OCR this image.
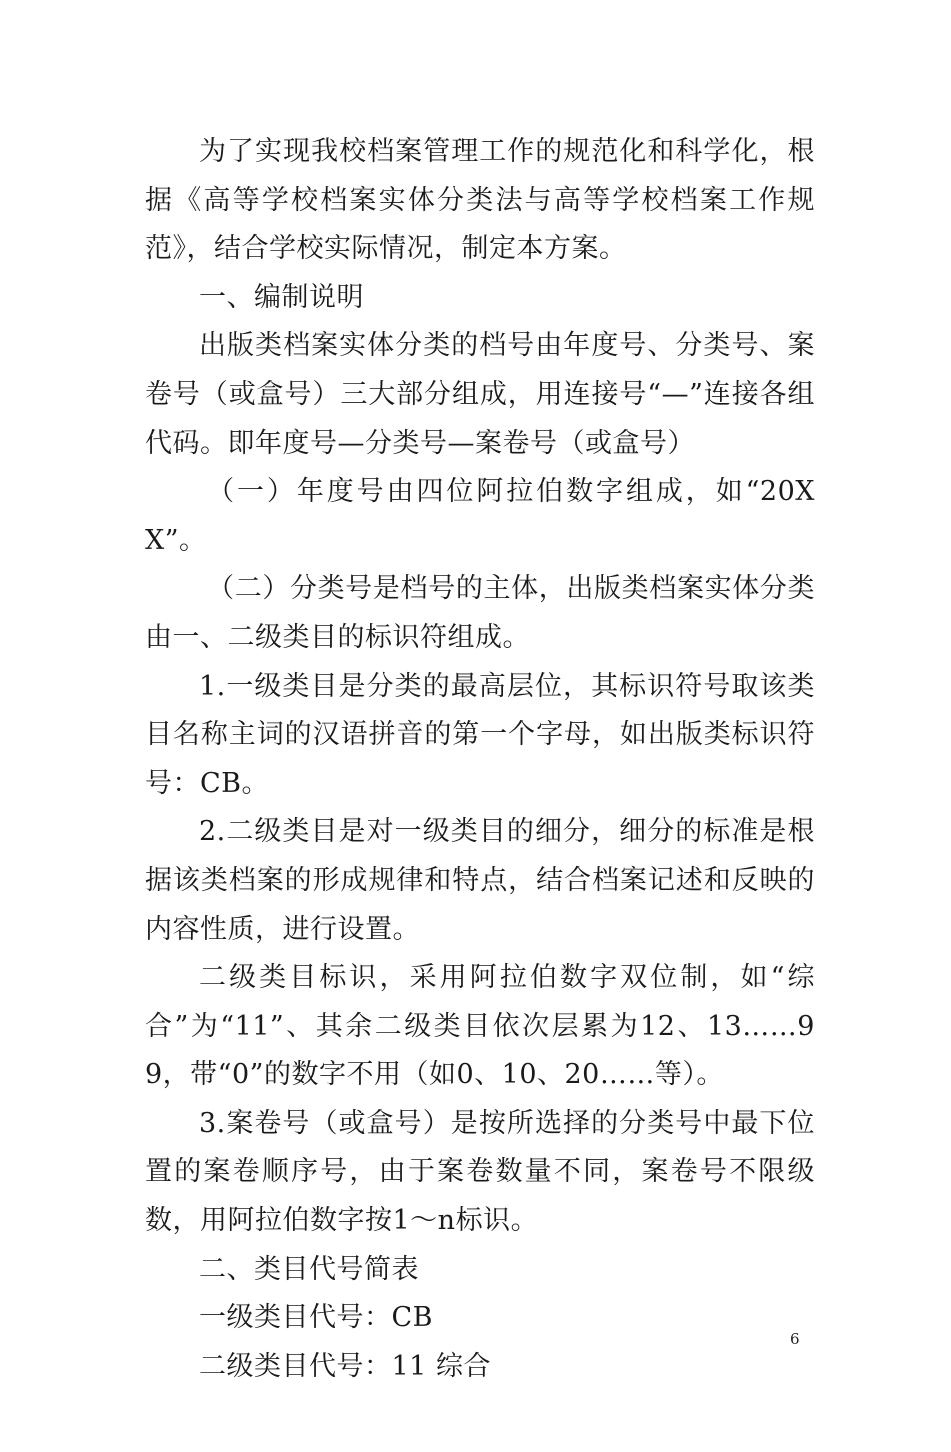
为了实现我校档案管理工作的规范化和科学化，根据《高等学校档案实体分类法与高等学校档案工作规范》，结合学校实际情况，制定本方案。

一、编制说明

出版类档案实体分类的档号由年度号、分类号、案卷号（或盒号）三大部分组成，用连接号“—”连接各组代码。即年度号—分类号—案卷号（或盒号）

（一）年度号由四位阿拉伯数字组成，如“20XX”。

（二）分类号是档号的主体，出版类档案实体分类由一、二级类目的标识符组成。

1.一级类目是分类的最高层位，其标识符号取该类目名称主词的汉语拼音的第一个字母，如出版类标识符号：CB。

2.二级类目是对一级类目的细分，细分的标准是根据该类档案的形成规律和特点，结合档案记述和反映的内容性质，进行设置。

二级类目标识，采用阿拉伯数字双位制，如“综合”为“11”、其余二级类目依次层累为12、13……99，带“0”的数字不用（如0、10、20……等）。

3.案卷号（或盒号）是按所选择的分类号中最下位置的案卷顺序号，由于案卷数量不同，案卷号不限级数，用阿拉伯数字按1～n标识。

二、类目代号简表

一级类目代号：CB

二级类目代号：11 综合

6
